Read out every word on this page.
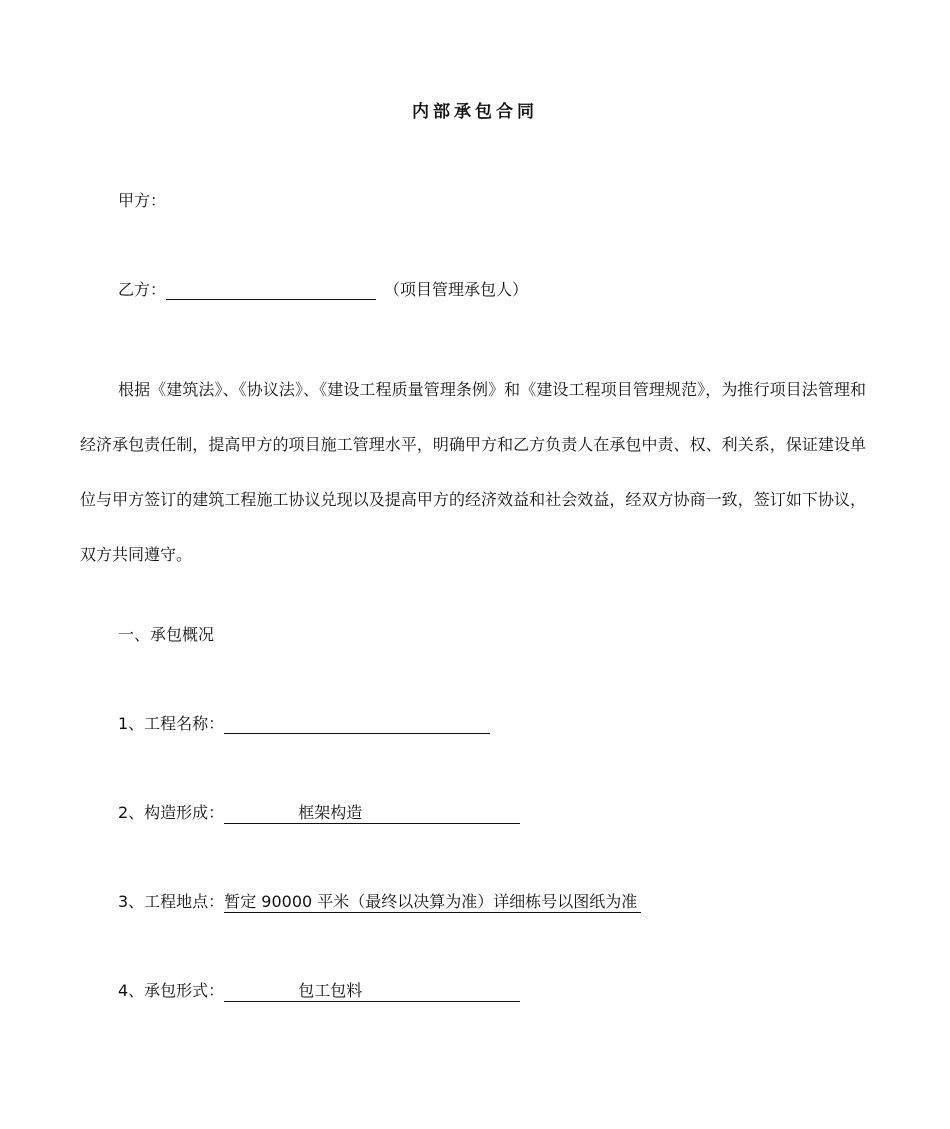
内部承包合同
甲方：
乙方：	（项目管理承包人）
根据《建筑法》、《协议法》、《建设工程质量管理条例》和《建设工程项目管理规范》，为推行项目法管理和经济承包责任制，提高甲方的项目施工管理水平，明确甲方和乙方负责人在承包中责、权、利关系，保证建设单位与甲方签订的建筑工程施工协议兑现以及提高甲方的经济效益和社会效益，经双方协商一致，签订如下协议，双方共同遵守。
一、承包概况
1、工程名称：
2、构造形成：	框架构造
3、工程地点：暂定 90000 平米（最终以决算为准）详细栋号以图纸为准
4、承包形式：	包工包料
